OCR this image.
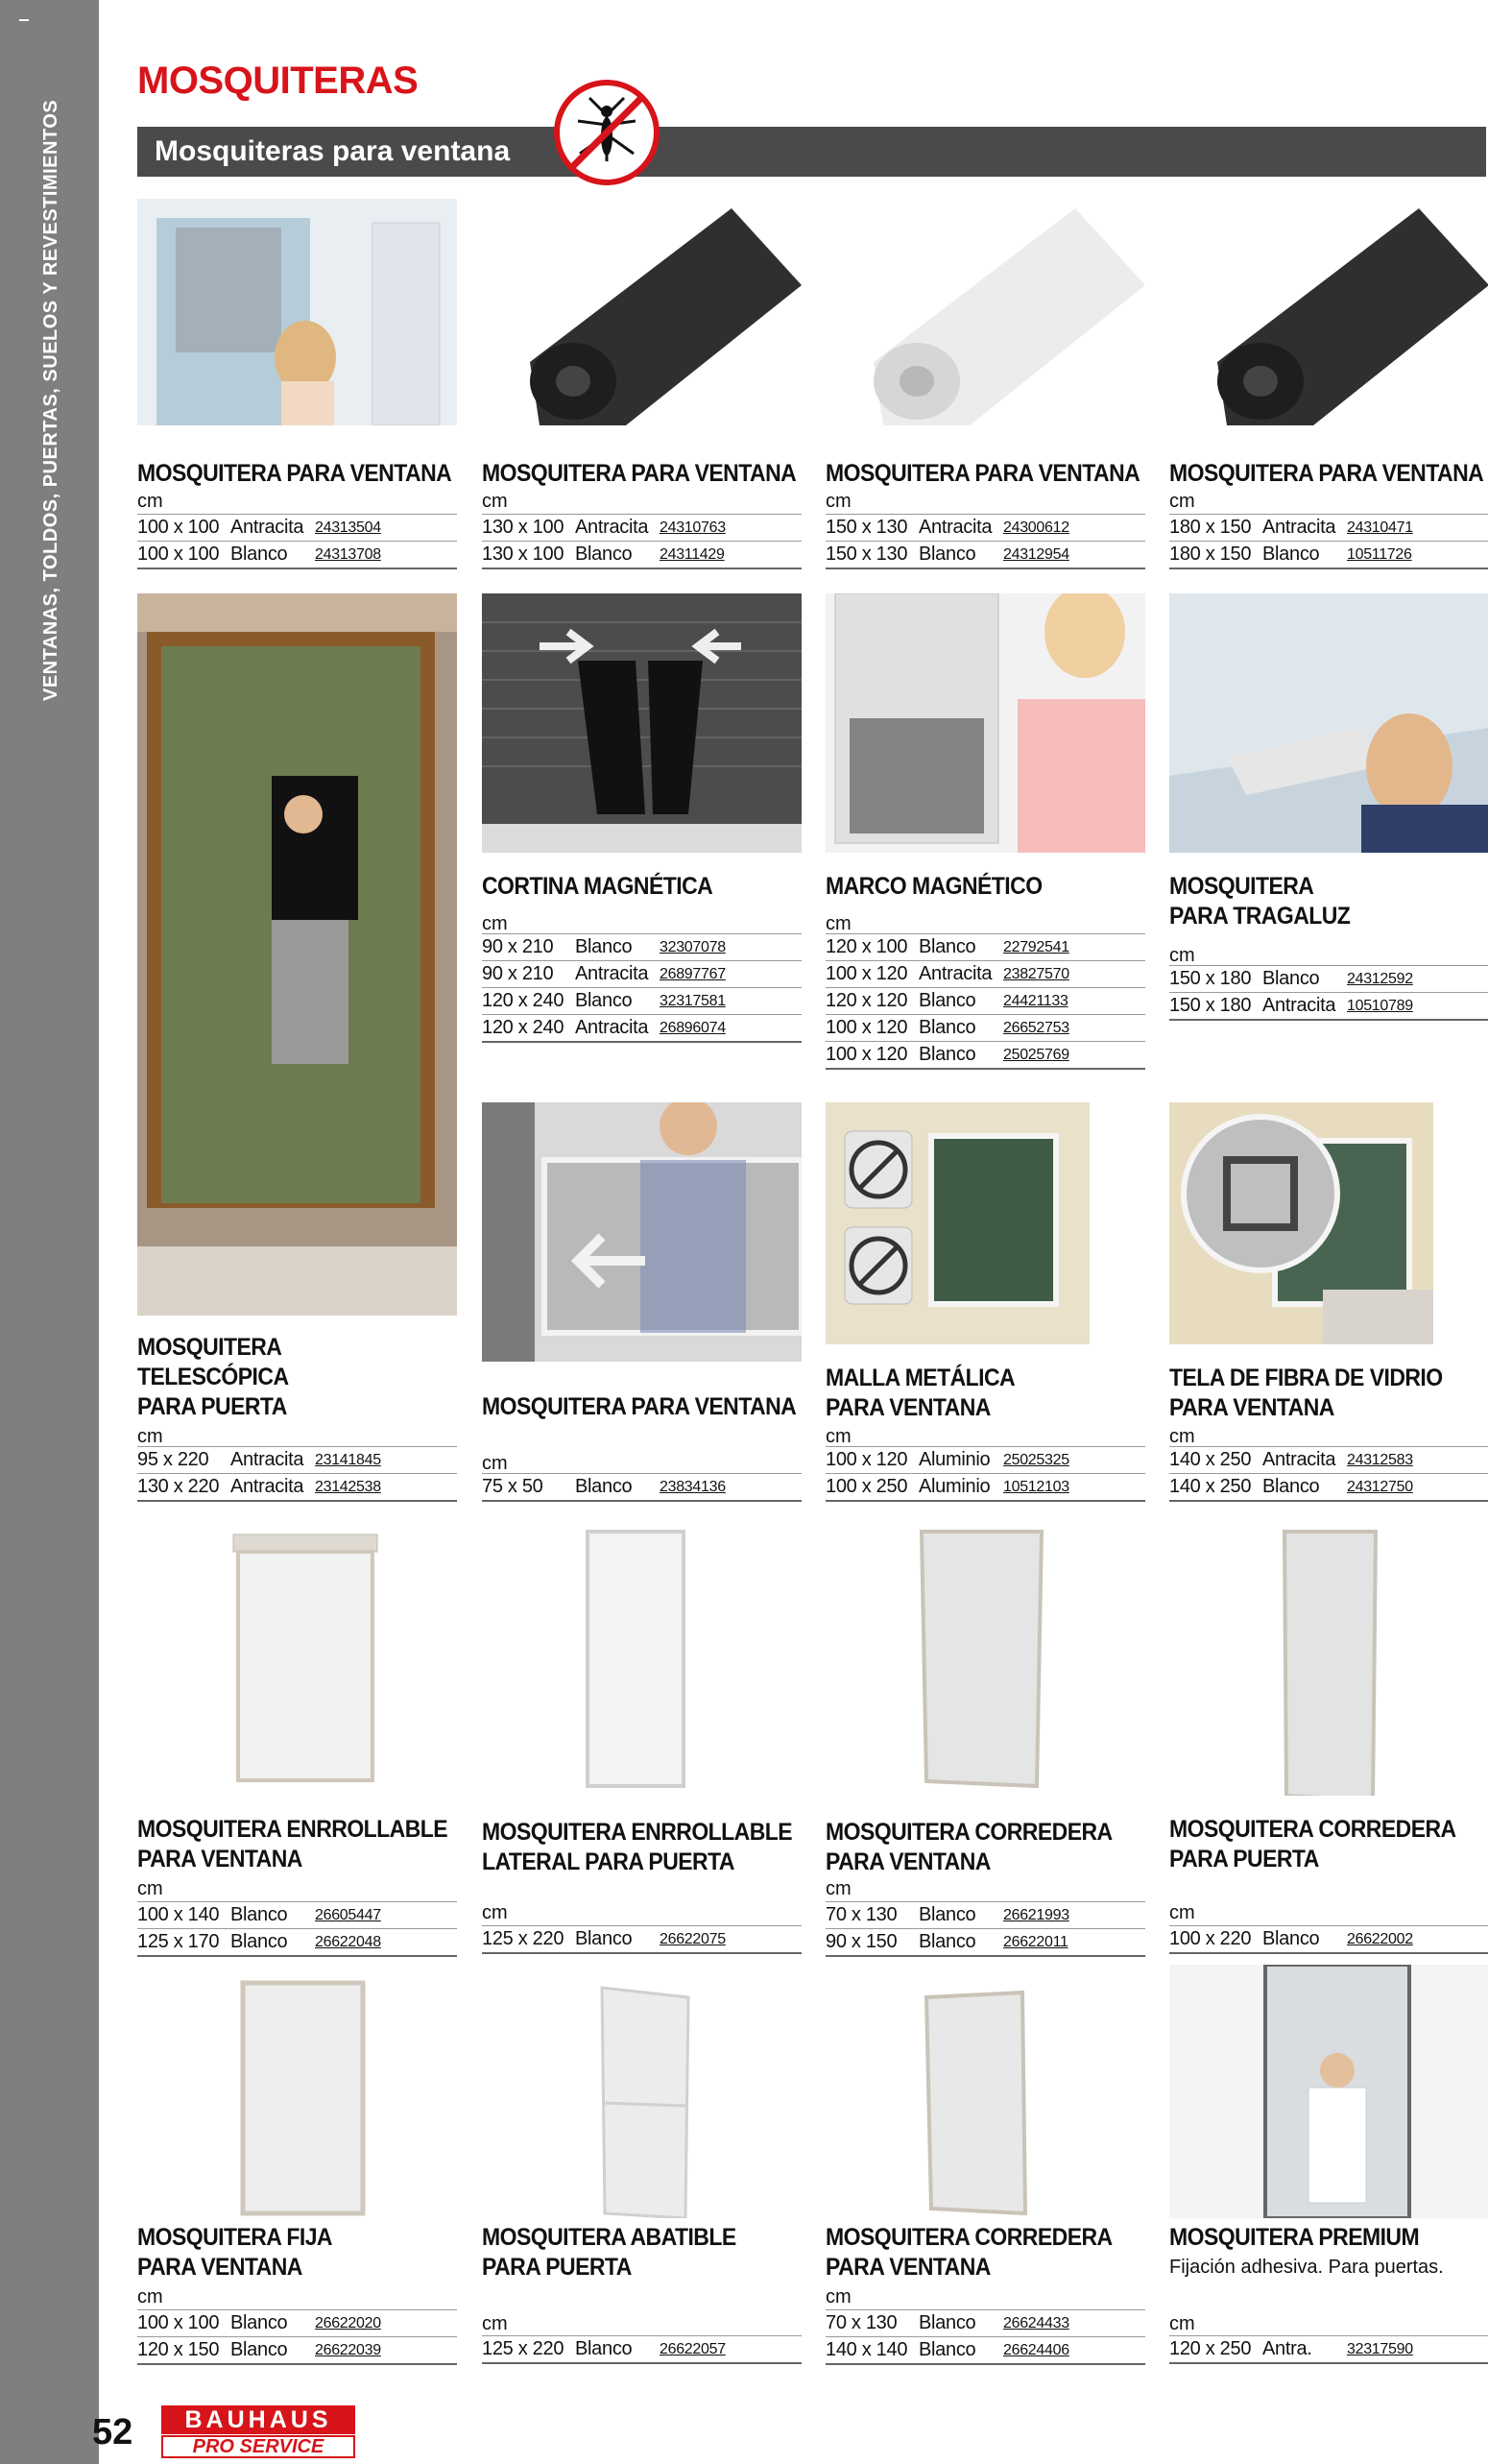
VENTANAS, TOLDOS, PUERTAS, SUELOS Y REVESTIMIENTOS
MOSQUITERAS
Mosquiteras para ventana
MOSQUITERA PARA VENTANA
cm
100 x 100 Antracita 24313504
100 x 100 Blanco	24313708
MOSQUITERA PARA VENTANA
cm
130 x 100 Antracita 24310763
130 x 100 Blanco	24311429
MOSQUITERA PARA VENTANA
cm
150 x 130 Antracita 24300612
150 x 130 Blanco	24312954
MOSQUITERA PARA VENTANA
cm
180 x 150 Antracita 24310471
180 x 150 Blanco	10511726
CORTINA MAGNÉTICA
cm
90 x 210	Blanco	32307078
90 x 210	Antracita 26897767
120 x 240 Blanco	32317581
120 x 240 Antracita 26896074
MARCO MAGNÉTICO
cm
120 x 100 Blanco	22792541
100 x 120 Antracita 23827570
120 x 120 Blanco	24421133
100 x 120 Blanco	26652753
100 x 120 Blanco	25025769
MOSQUITERA
PARA TRAGALUZ
cm
150 x 180 Blanco	24312592
150 x 180 Antracita 10510789
MOSQUITERA
TELESCÓPICA
PARA PUERTA
cm
95 x 220	Antracita 23141845
130 x 220 Antracita 23142538
MOSQUITERA PARA VENTANA
cm
75 x 50	Blanco	23834136
MALLA METÁLICA
PARA VENTANA
cm
100 x 120 Aluminio 25025325
100 x 250 Aluminio 10512103
TELA DE FIBRA DE VIDRIO
PARA VENTANA
cm
140 x 250 Antracita 24312583
140 x 250 Blanco	24312750
MOSQUITERA ENRROLLABLE
PARA VENTANA
cm
100 x 140 Blanco	26605447
125 x 170 Blanco	26622048
MOSQUITERA ENRROLLABLE
LATERAL PARA PUERTA
cm
125 x 220 Blanco	26622075
MOSQUITERA CORREDERA
PARA VENTANA
cm
70 x 130	Blanco	26621993
90 x 150	Blanco	26622011
MOSQUITERA CORREDERA
PARA PUERTA
cm
100 x 220 Blanco	26622002
MOSQUITERA FIJA
PARA VENTANA
cm
100 x 100 Blanco	26622020
120 x 150 Blanco	26622039
MOSQUITERA ABATIBLE
PARA PUERTA
cm
125 x 220 Blanco	26622057
MOSQUITERA CORREDERA
PARA VENTANA
cm
70 x 130	Blanco	26624433
140 x 140 Blanco	26624406
MOSQUITERA PREMIUM
Fijación adhesiva. Para puertas.
cm
120 x 250 Antra.	32317590
52	BAUHAUS
PRO SERVICE
